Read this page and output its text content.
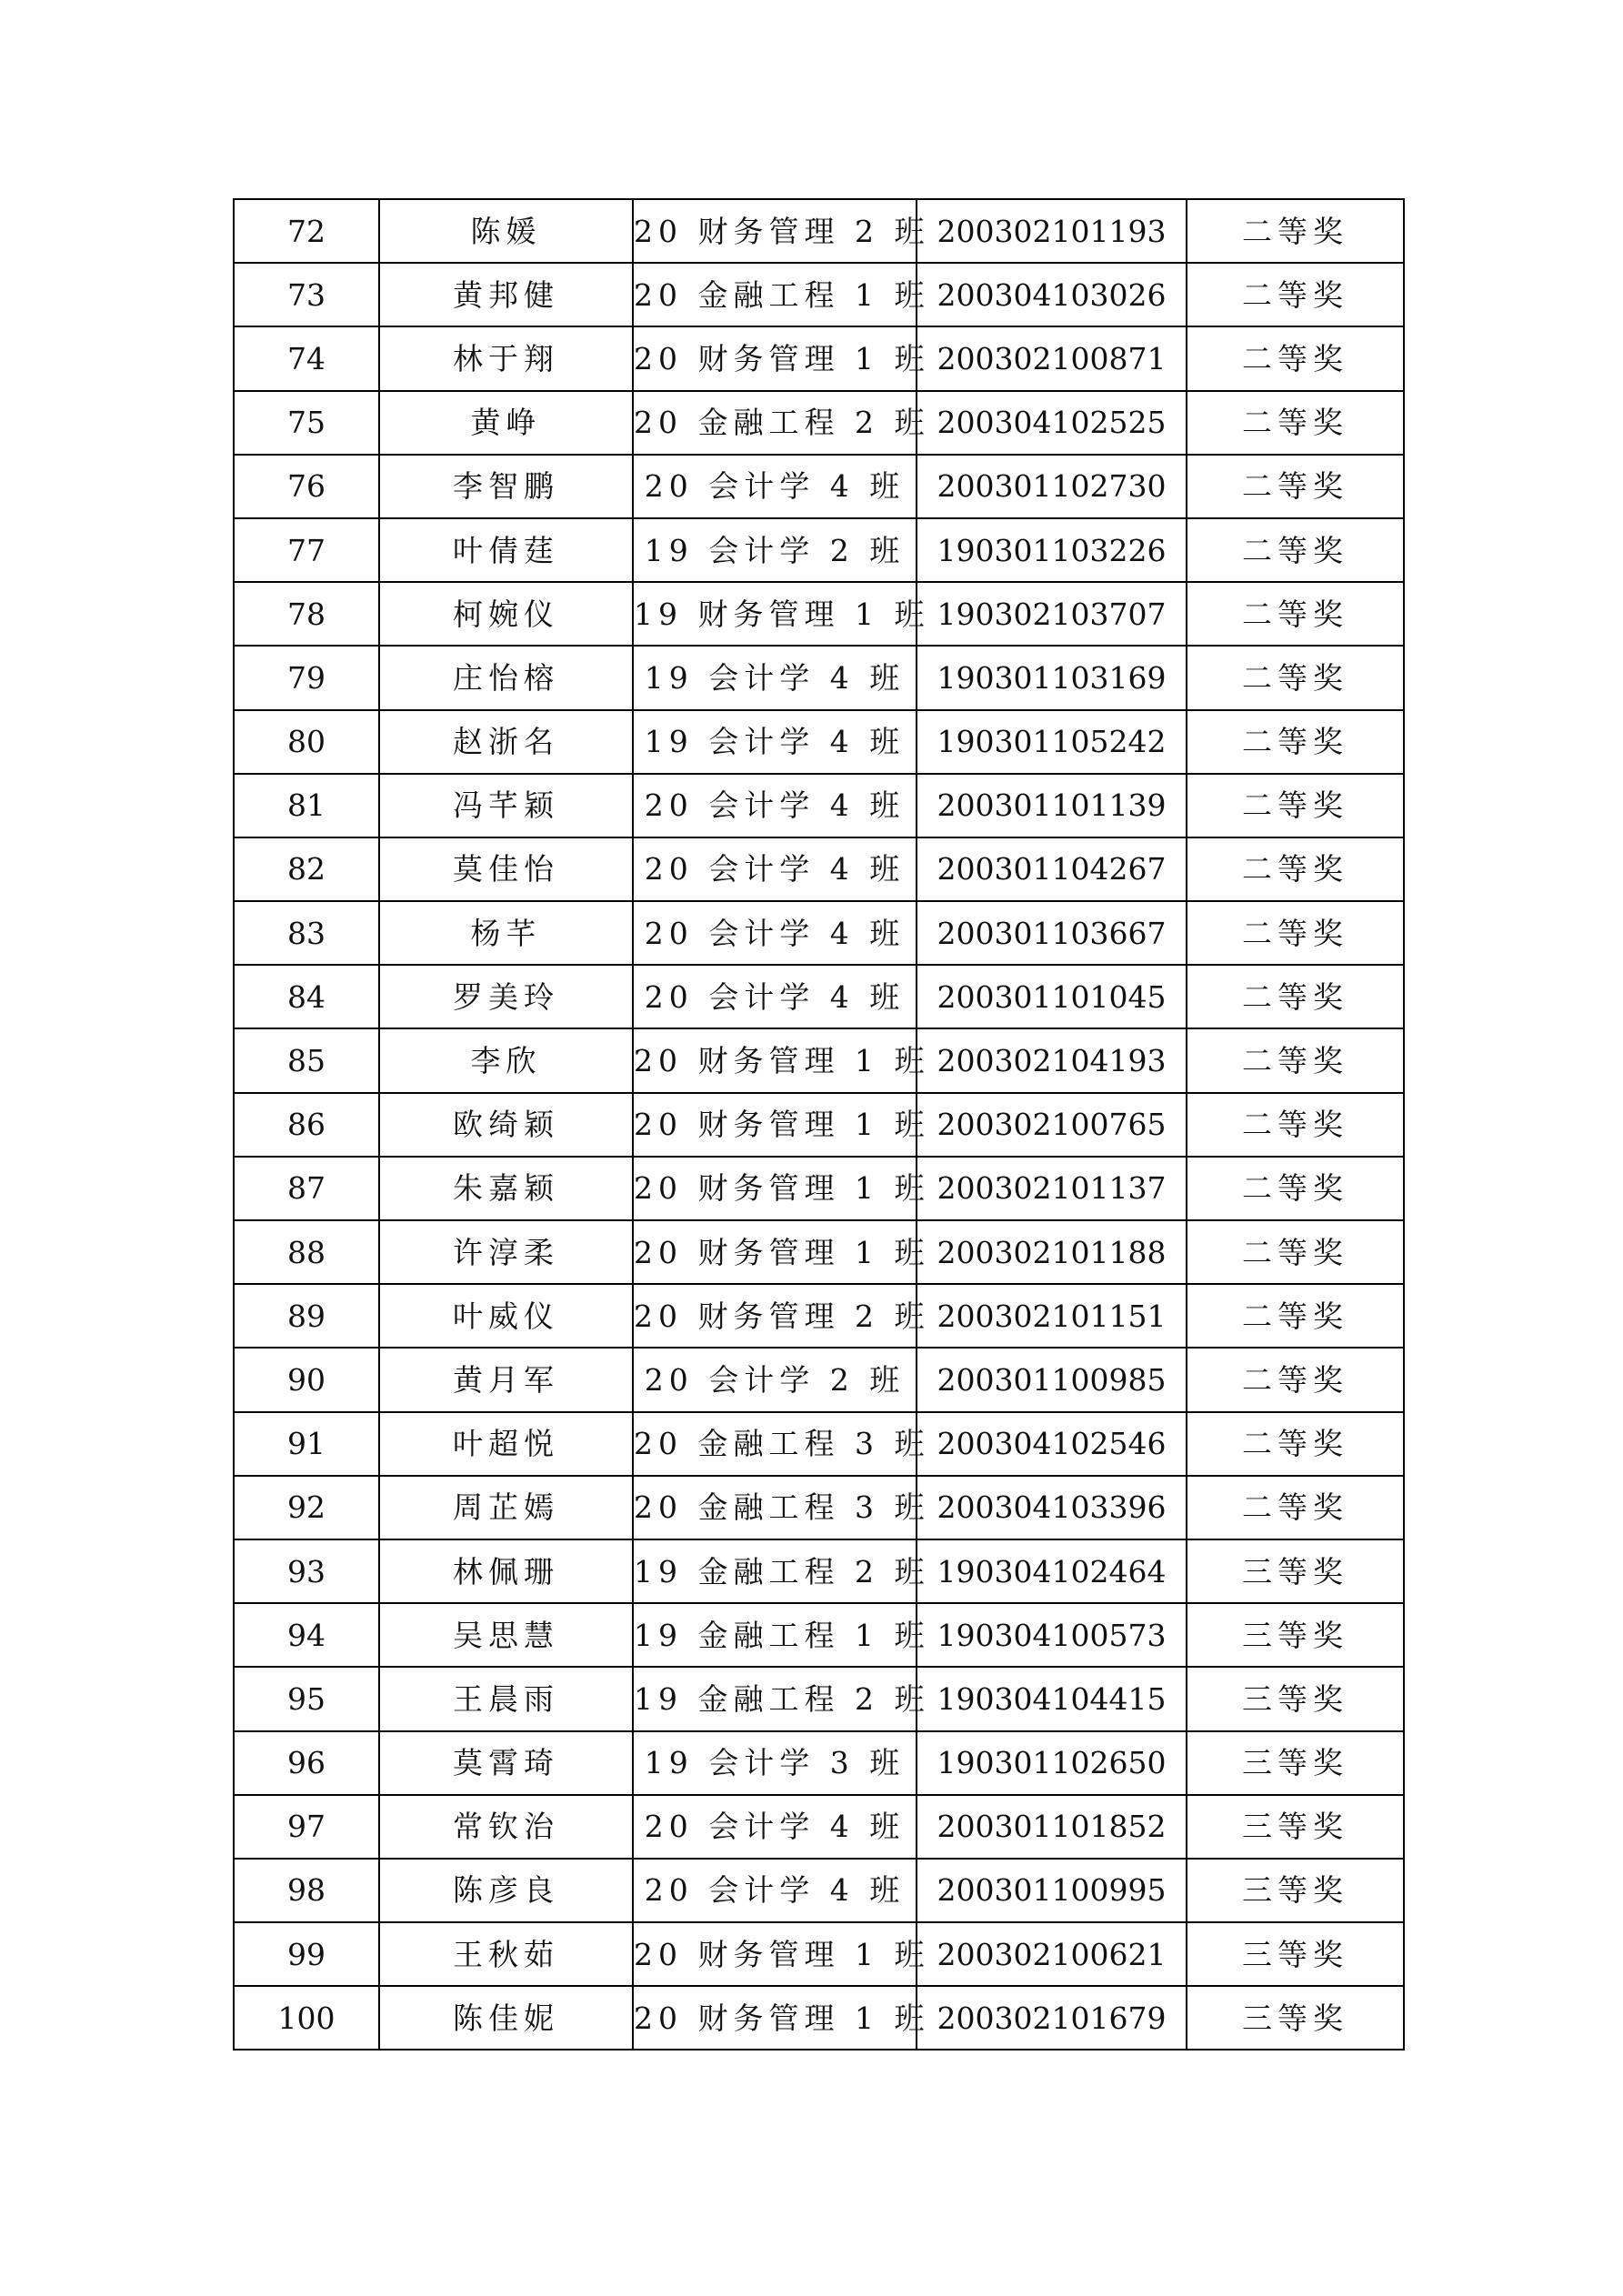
72	陈媛	20 财务管理 2 班	200302101193	二等奖
73	黄邦健	20 金融工程 1 班	200304103026	二等奖
74	林于翔	20 财务管理 1 班	200302100871	二等奖
75	黄峥	20 金融工程 2 班	200304102525	二等奖
76	李智鹏	20 会计学 4 班	200301102730	二等奖
77	叶倩莛	19 会计学 2 班	190301103226	二等奖
78	柯婉仪	19 财务管理 1 班	190302103707	二等奖
79	庄怡榕	19 会计学 4 班	190301103169	二等奖
80	赵浙名	19 会计学 4 班	190301105242	二等奖
81	冯芊颖	20 会计学 4 班	200301101139	二等奖
82	莫佳怡	20 会计学 4 班	200301104267	二等奖
83	杨芊	20 会计学 4 班	200301103667	二等奖
84	罗美玲	20 会计学 4 班	200301101045	二等奖
85	李欣	20 财务管理 1 班	200302104193	二等奖
86	欧绮颖	20 财务管理 1 班	200302100765	二等奖
87	朱嘉颖	20 财务管理 1 班	200302101137	二等奖
88	许淳柔	20 财务管理 1 班	200302101188	二等奖
89	叶威仪	20 财务管理 2 班	200302101151	二等奖
90	黄月军	20 会计学 2 班	200301100985	二等奖
91	叶超悦	20 金融工程 3 班	200304102546	二等奖
92	周芷嫣	20 金融工程 3 班	200304103396	二等奖
93	林佩珊	19 金融工程 2 班	190304102464	三等奖
94	吴思慧	19 金融工程 1 班	190304100573	三等奖
95	王晨雨	19 金融工程 2 班	190304104415	三等奖
96	莫霄琦	19 会计学 3 班	190301102650	三等奖
97	常钦治	20 会计学 4 班	200301101852	三等奖
98	陈彦良	20 会计学 4 班	200301100995	三等奖
99	王秋茹	20 财务管理 1 班	200302100621	三等奖
100	陈佳妮	20 财务管理 1 班	200302101679	三等奖
